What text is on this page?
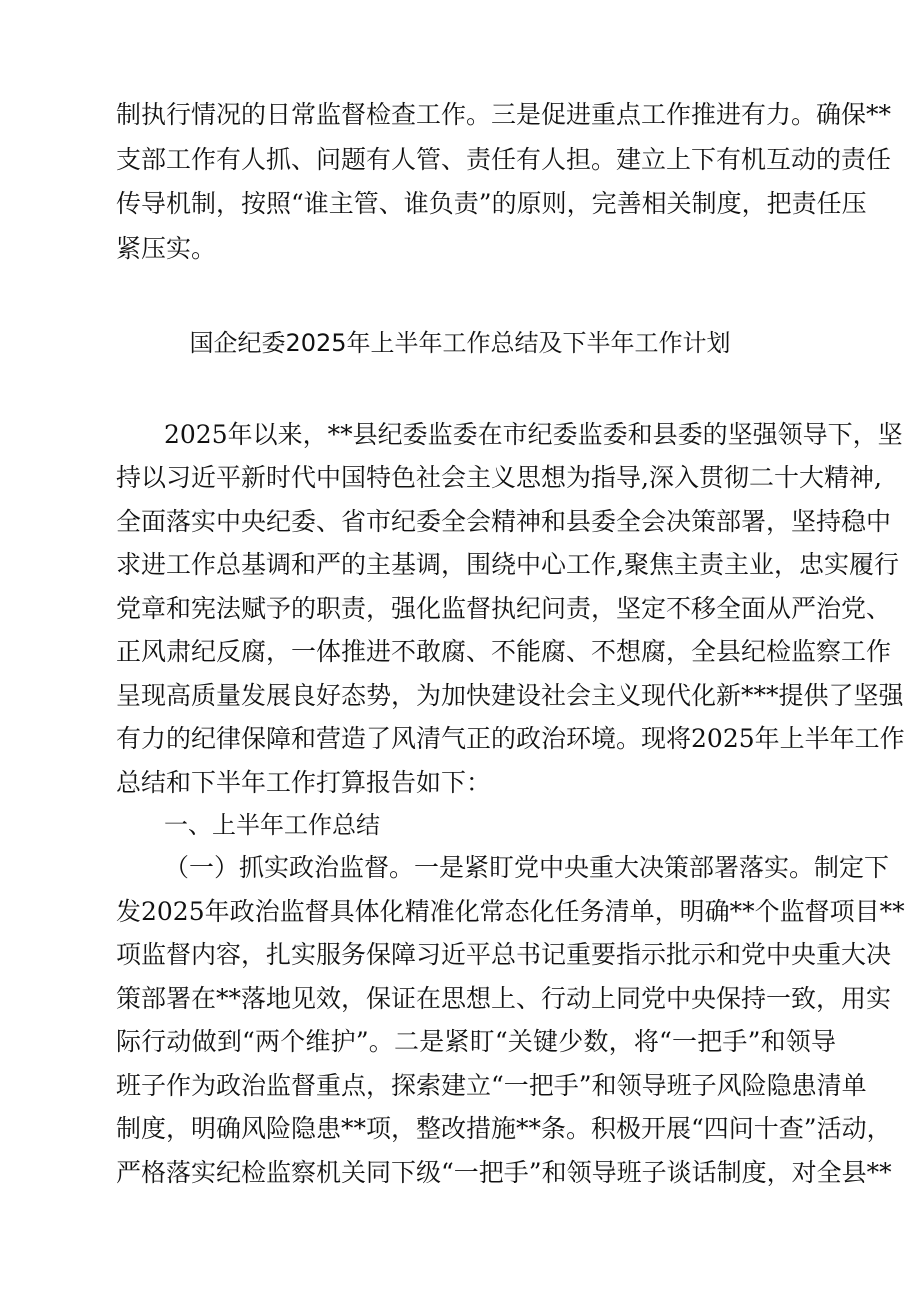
制执行情况的日常监督检查工作。三是促进重点工作推进有力。确保**
支部工作有人抓、问题有人管、责任有人担。建立上下有机互动的责任
传导机制，按照“谁主管、谁负责”的原则，完善相关制度，把责任压
紧压实。
国企纪委2025年上半年工作总结及下半年工作计划
2025年以来，**县纪委监委在市纪委监委和县委的坚强领导下，坚
持以习近平新时代中国特色社会主义思想为指导,深入贯彻二十大精神,
全面落实中央纪委、省市纪委全会精神和县委全会决策部署，坚持稳中
求进工作总基调和严的主基调，围绕中心工作,聚焦主责主业，忠实履行
党章和宪法赋予的职责，强化监督执纪问责，坚定不移全面从严治党、
正风肃纪反腐，一体推进不敢腐、不能腐、不想腐，全县纪检监察工作
呈现高质量发展良好态势，为加快建设社会主义现代化新***提供了坚强
有力的纪律保障和营造了风清气正的政治环境。现将2025年上半年工作
总结和下半年工作打算报告如下：
一、上半年工作总结
（一）抓实政治监督。一是紧盯党中央重大决策部署落实。制定下
发2025年政治监督具体化精准化常态化任务清单，明确**个监督项目**
项监督内容，扎实服务保障习近平总书记重要指示批示和党中央重大决
策部署在**落地见效，保证在思想上、行动上同党中央保持一致，用实
际行动做到“两个维护”。二是紧盯“关键少数，将“一把手”和领导
班子作为政治监督重点，探索建立“一把手”和领导班子风险隐患清单
制度，明确风险隐患**项，整改措施**条。积极开展“四问十查”活动，
严格落实纪检监察机关同下级“一把手”和领导班子谈话制度，对全县**
